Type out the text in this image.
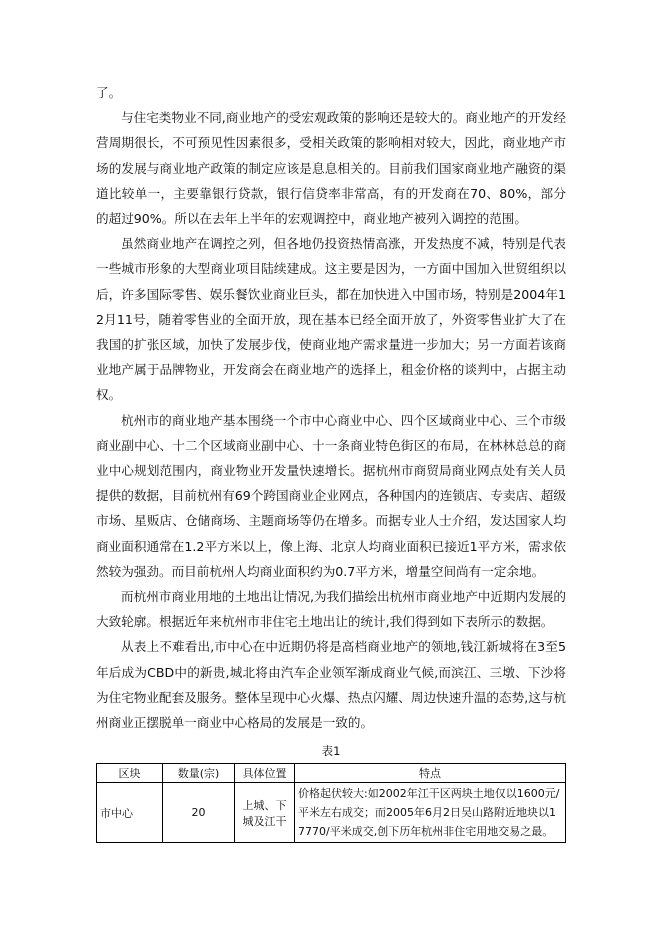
了。

与住宅类物业不同,商业地产的受宏观政策的影响还是较大的。商业地产的开发经营周期很长，不可预见性因素很多，受相关政策的影响相对较大，因此，商业地产市场的发展与商业地产政策的制定应该是息息相关的。目前我们国家商业地产融资的渠道比较单一，主要靠银行贷款，银行信贷率非常高，有的开发商在70、80%，部分的超过90%。所以在去年上半年的宏观调控中，商业地产被列入调控的范围。

虽然商业地产在调控之列，但各地仍投资热情高涨，开发热度不减，特别是代表一些城市形象的大型商业项目陆续建成。这主要是因为，一方面中国加入世贸组织以后，许多国际零售、娱乐餐饮业商业巨头，都在加快进入中国市场，特别是2004年12月11号，随着零售业的全面开放，现在基本已经全面开放了，外资零售业扩大了在我国的扩张区域，加快了发展步伐，使商业地产需求量进一步加大；另一方面若该商业地产属于品牌物业，开发商会在商业地产的选择上，租金价格的谈判中，占据主动权。

杭州市的商业地产基本围绕一个市中心商业中心、四个区域商业中心、三个市级商业副中心、十二个区域商业副中心、十一条商业特色街区的布局，在林林总总的商业中心规划范围内，商业物业开发量快速增长。据杭州市商贸局商业网点处有关人员提供的数据，目前杭州有69个跨国商业企业网点，各种国内的连锁店、专卖店、超级市场、星贩店、仓储商场、主题商场等仍在增多。而据专业人士介绍，发达国家人均商业面积通常在1.2平方米以上，像上海、北京人均商业面积已接近1平方米，需求依然较为强劲。而目前杭州人均商业面积约为0.7平方米，增量空间尚有一定余地。

而杭州市商业用地的土地出让情况,为我们描绘出杭州市商业地产中近期内发展的大致轮廓。根据近年来杭州市非住宅土地出让的统计,我们得到如下表所示的数据。

从表上不难看出,市中心在中近期仍将是高档商业地产的领地,钱江新城将在3至5年后成为CBD中的新贵,城北将由汽车企业领军渐成商业气候,而滨江、三墩、下沙将为住宅物业配套及服务。整体呈现中心火爆、热点闪耀、周边快速升温的态势,这与杭州商业正摆脱单一商业中心格局的发展是一致的。

表1
区块	数量(宗)	具体位置	特点
市中心	20	上城、下城及江干	价格起伏较大:如2002年江干区两块土地仅以1600元/平米左右成交；而2005年6月2日吴山路附近地块以17770/平米成交,创下历年杭州非住宅用地交易之最。
